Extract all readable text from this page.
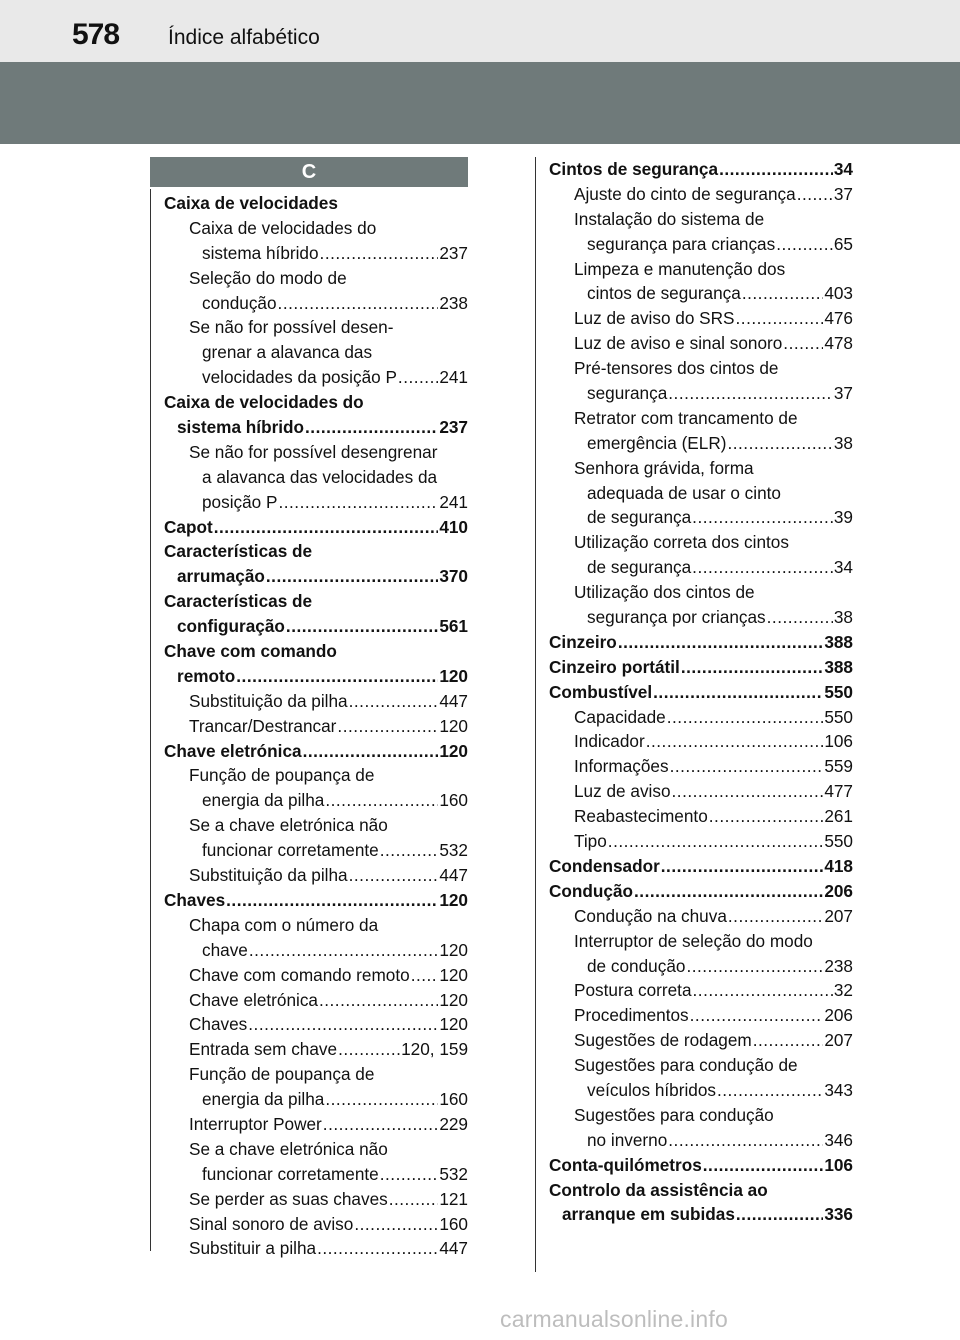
578 Índice alfabético
C
Caixa de velocidades
Caixa de velocidades do
sistema híbrido .....	237
Seleção do modo de
condução .....	238
Se não for possível desen-
grenar a alavanca das
velocidades da posição P ..... 241
Caixa de velocidades do
sistema híbrido .....	237
Se não for possível desengrenar
a alavanca das velocidades da
posição P .....	241
Capot .....	410
Características de
arrumação .....	370
Características de
configuração .....	561
Chave com comando
remoto .....	120
Substituição da pilha .....	447
Trancar/Destrancar .....	120
Chave eletrónica .....	120
Função de poupança de
energia da pilha .....	160
Se a chave eletrónica não
funcionar corretamente .....	532
Substituição da pilha .....	447
Chaves .....	120
Chapa com o número da
chave .....	120
Chave com comando remoto ..... 120
Chave eletrónica .....	120
Chaves .....	120
Entrada sem chave .....	120, 159
Função de poupança de
energia da pilha .....	160
Interruptor Power .....	229
Se a chave eletrónica não
funcionar corretamente .....	532
Se perder as suas chaves .....	121
Sinal sonoro de aviso .....	160
Substituir a pilha .....	447
Cintos de segurança .....	34
Ajuste do cinto de segurança ..... 37
Instalação do sistema de
segurança para crianças .....	65
Limpeza e manutenção dos
cintos de segurança .....	403
Luz de aviso do SRS .....	476
Luz de aviso e sinal sonoro ..... 478
Pré-tensores dos cintos de
segurança .....	37
Retrator com trancamento de
emergência (ELR) .....	38
Senhora grávida, forma
adequada de usar o cinto
de segurança .....	39
Utilização correta dos cintos
de segurança .....	34
Utilização dos cintos de
segurança por crianças .....	38
Cinzeiro .....	388
Cinzeiro portátil .....	388
Combustível .....	550
Capacidade .....	550
Indicador .....	106
Informações .....	559
Luz de aviso .....	477
Reabastecimento .....	261
Tipo .....	550
Condensador .....	418
Condução .....	206
Condução na chuva .....	207
Interruptor de seleção do modo
de condução .....	238
Postura correta .....	32
Procedimentos .....	206
Sugestões de rodagem .....	207
Sugestões para condução de
veículos híbridos .....	343
Sugestões para condução
no inverno .....	346
Conta-quilómetros .....	106
Controlo da assistência ao
arranque em subidas .....	336
carmanualsonline.info
